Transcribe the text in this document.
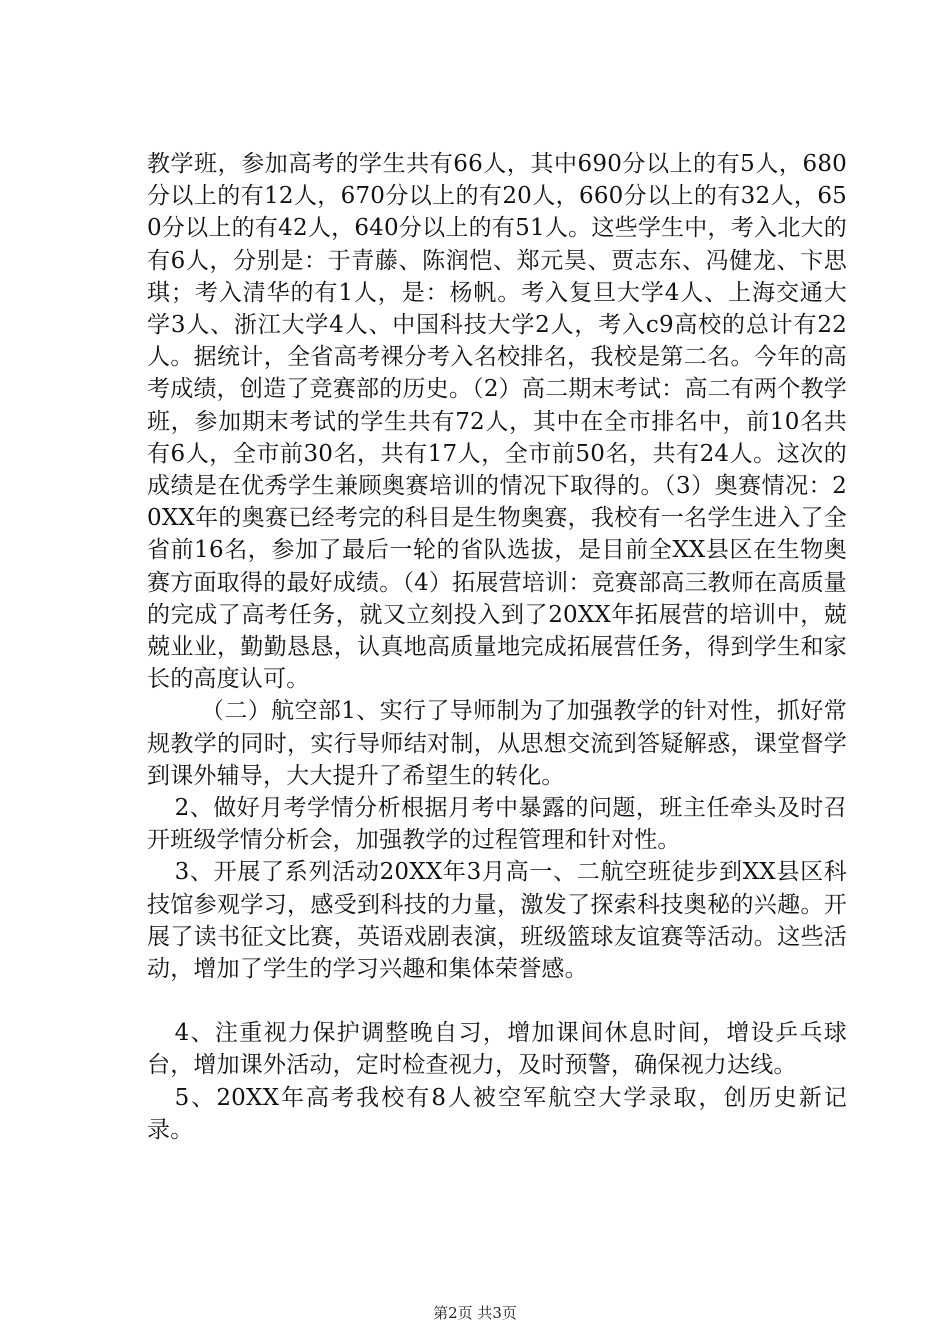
教学班，参加高考的学生共有66人，其中690分以上的有5人，680分以上的有12人，670分以上的有20人，660分以上的有32人，650分以上的有42人，640分以上的有51人。这些学生中，考入北大的有6人，分别是：于青藤、陈润恺、郑元昊、贾志东、冯健龙、卞思琪；考入清华的有1人，是：杨帆。考入复旦大学4人、上海交通大学3人、浙江大学4人、中国科技大学2人，考入c9高校的总计有22人。据统计，全省高考裸分考入名校排名，我校是第二名。今年的高考成绩，创造了竞赛部的历史。（2）高二期末考试：高二有两个教学班，参加期末考试的学生共有72人，其中在全市排名中，前10名共有6人，全市前30名，共有17人，全市前50名，共有24人。这次的成绩是在优秀学生兼顾奥赛培训的情况下取得的。（3）奥赛情况：20XX年的奥赛已经考完的科目是生物奥赛，我校有一名学生进入了全省前16名，参加了最后一轮的省队选拔，是目前全XX县区在生物奥赛方面取得的最好成绩。（4）拓展营培训：竞赛部高三教师在高质量的完成了高考任务，就又立刻投入到了20XX年拓展营的培训中，兢兢业业，勤勤恳恳，认真地高质量地完成拓展营任务，得到学生和家长的高度认可。

（二）航空部1、实行了导师制为了加强教学的针对性，抓好常规教学的同时，实行导师结对制，从思想交流到答疑解惑，课堂督学到课外辅导，大大提升了希望生的转化。

2、做好月考学情分析根据月考中暴露的问题，班主任牵头及时召开班级学情分析会，加强教学的过程管理和针对性。

3、开展了系列活动20XX年3月高一、二航空班徒步到XX县区科技馆参观学习，感受到科技的力量，激发了探索科技奥秘的兴趣。开展了读书征文比赛，英语戏剧表演，班级篮球友谊赛等活动。这些活动，增加了学生的学习兴趣和集体荣誉感。

4、注重视力保护调整晚自习，增加课间休息时间，增设乒乓球台，增加课外活动，定时检查视力，及时预警，确保视力达线。

5、20XX年高考我校有8人被空军航空大学录取，创历史新记录。

第2页 共3页
